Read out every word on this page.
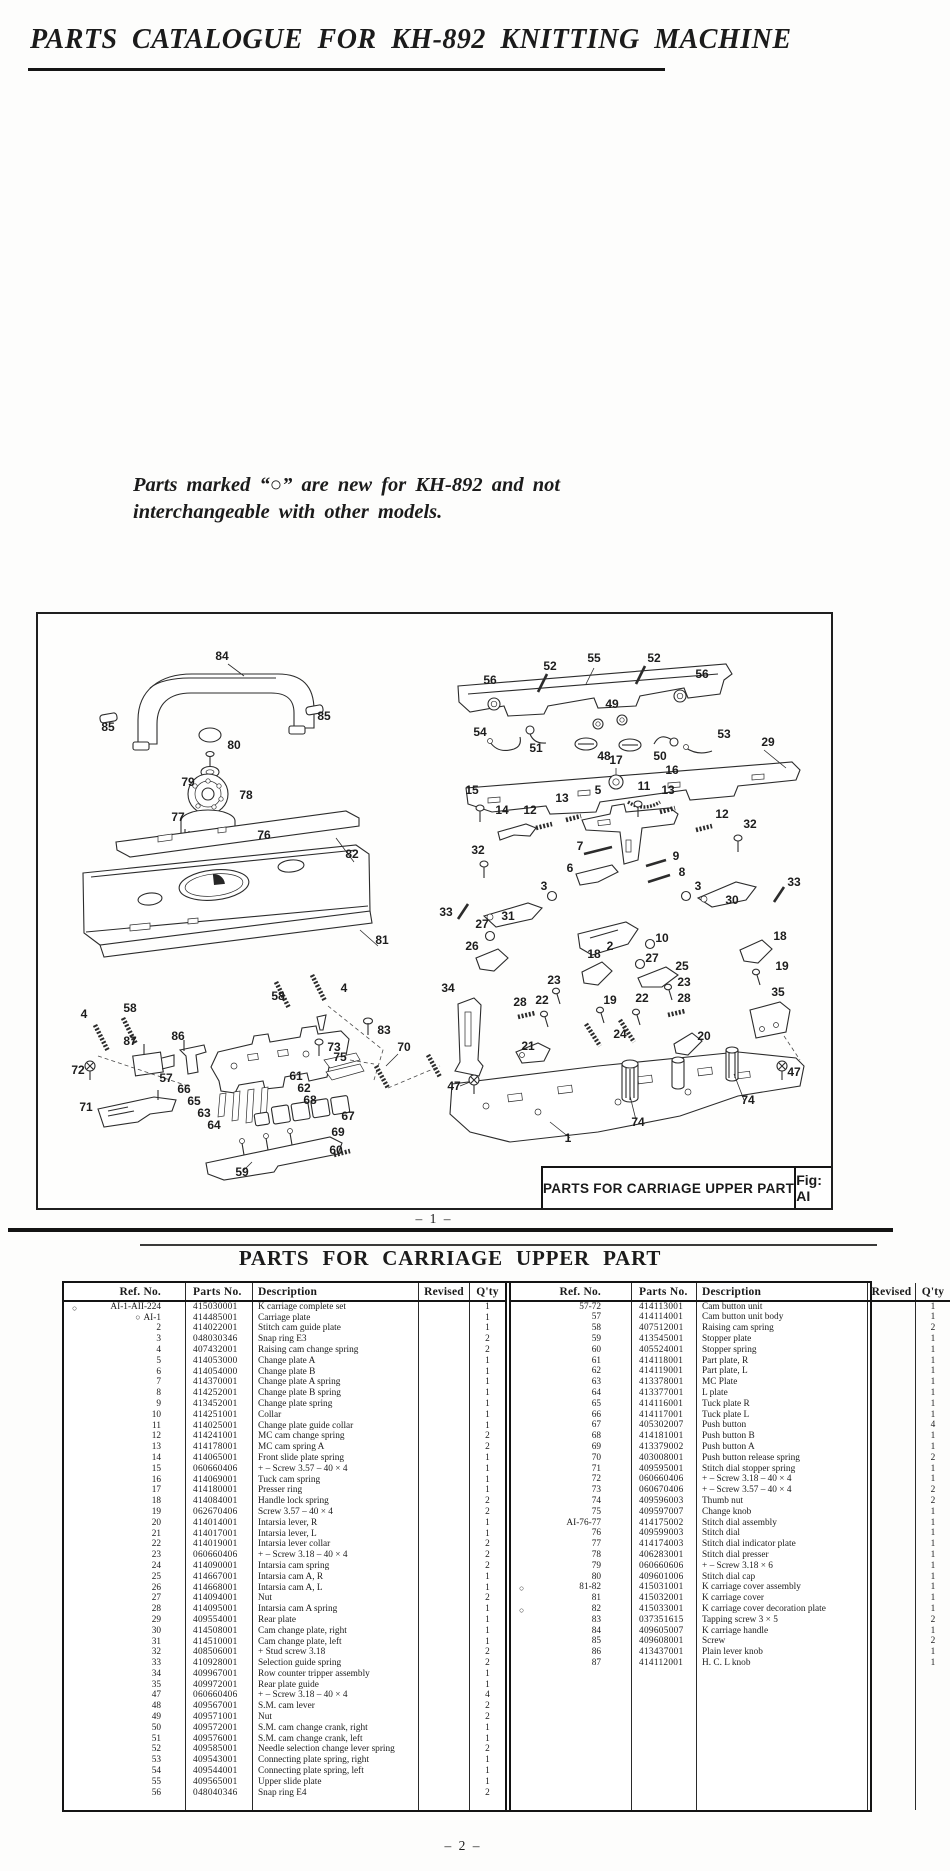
PARTS CATALOGUE FOR KH-892 KNITTING MACHINE
Parts marked “○” are new for KH-892 and not
interchangeable with other models.
84
85
85
80
79
78
77
76
82
81
83
75
87	86
72
71
58
4
4	58
73	70
57	61
66	62
65	68
63	67
64	69
60
59
56
52
52
56
55
51
49
48	50
54	53
29
17
16
15
14
13
5	11 13
12	12
7
32
32
6
9
8
3	3
30
33
33	31
27
2
10
26
27
18
18
25	19
23	23
34
28 22	19 22 28
24	20
21
35
47
47
74
74
1
PARTS FOR CARRIAGE UPPER PART Fig: AI
– 1 –
PARTS FOR CARRIAGE UPPER PART
Ref. No.	Parts No.	Description	Revised	Q'ty

○ AI-1-AII-224	415030001	K carriage complete set		1
○ AI-1	414485001	Carriage plate		1
2	414022001	Stitch cam guide plate		1
3	048030346	Snap ring E3		2
4	407432001	Raising cam change spring		2
5	414053000	Change plate A		1
6	414054000	Change plate B		1
7	414370001	Change plate A spring		1
8	414252001	Change plate B spring		1
9	413452001	Change plate spring		1
10	414251001	Collar		1
11	414025001	Change plate guide collar		1
12	414241001	MC cam change spring		2
13	414178001	MC cam spring A		2
14	414065001	Front slide plate spring		1
15	060660406	+ – Screw 3.57 – 40 × 4		1
16	414069001	Tuck cam spring		1
17	414180001	Presser ring		1
18	414084001	Handle lock spring		2
19	062670406	Screw 3.57 – 40 × 4		2
20	414014001	Intarsia lever, R		1
21	414017001	Intarsia lever, L		1
22	414019001	Intarsia lever collar		2
23	060660406	+ – Screw 3.18 – 40 × 4		2
24	414090001	Intarsia cam spring		2
25	414667001	Intarsia cam A, R		1
26	414668001	Intarsia cam A, L		1
27	414094001	Nut		2
28	414095001	Intarsia cam A spring		1
29	409554001	Rear plate		1
30	414508001	Cam change plate, right		1
31	414510001	Cam change plate, left		1
32	408506001	+ Stud screw 3.18		2
33	410928001	Selection guide spring		2
34	409967001	Row counter tripper assembly		1
35	409972001	Rear plate guide		1
47	060660406	+ – Screw 3.18 – 40 × 4		4
48	409567001	S.M. cam lever		2
49	409571001	Nut		2
50	409572001	S.M. cam change crank, right		1
51	409576001	S.M. cam change crank, left		1
52	409585001	Needle selection change lever spring		2
53	409543001	Connecting plate spring, right		1
54	409544001	Connecting plate spring, left		1
55	409565001	Upper slide plate		1
56	048040346	Snap ring E4		2

Ref. No.	Parts No.	Description	Revised	Q'ty
57-72	414113001	Cam button unit		1
57	414114001	Cam button unit body		1
58	407512001	Raising cam spring		2
59	413545001	Stopper plate		1
60	405524001	Stopper spring		1
61	414118001	Part plate, R		1
62	414119001	Part plate, L		1
63	413378001	MC Plate		1
64	413377001	L plate		1
65	414116001	Tuck plate R		1
66	414117001	Tuck plate L		1
67	405302007	Push button		4
68	414181001	Push button B		1
69	413379002	Push button A		1
70	403008001	Push button release spring		2
71	409595001	Stitch dial stopper spring		1
72	060660406	+ – Screw 3.18 – 40 × 4		1
73	060670406	+ – Screw 3.57 – 40 × 4		2
74	409596003	Thumb nut		2
75	409597007	Change knob		1
AI-76-77	414175002	Stitch dial assembly		1
76	409599003	Stitch dial		1
77	414174003	Stitch dial indicator plate		1
78	406283001	Stitch dial presser		1
79	060660606	+ – Screw 3.18 × 6		1
80	409601006	Stitch dial cap		1

○ 81-82	415031001	K carriage cover assembly		1
81	415032001	K carriage cover		1

○ 82	415033001	K carriage cover decoration plate		1
83	037351615	Tapping screw 3 × 5		2
84	409605007	K carriage handle		1
85	409608001	Screw		2
86	413437001	Plain lever knob		1
87	414112001	H. C. L knob		1

– 2 –
